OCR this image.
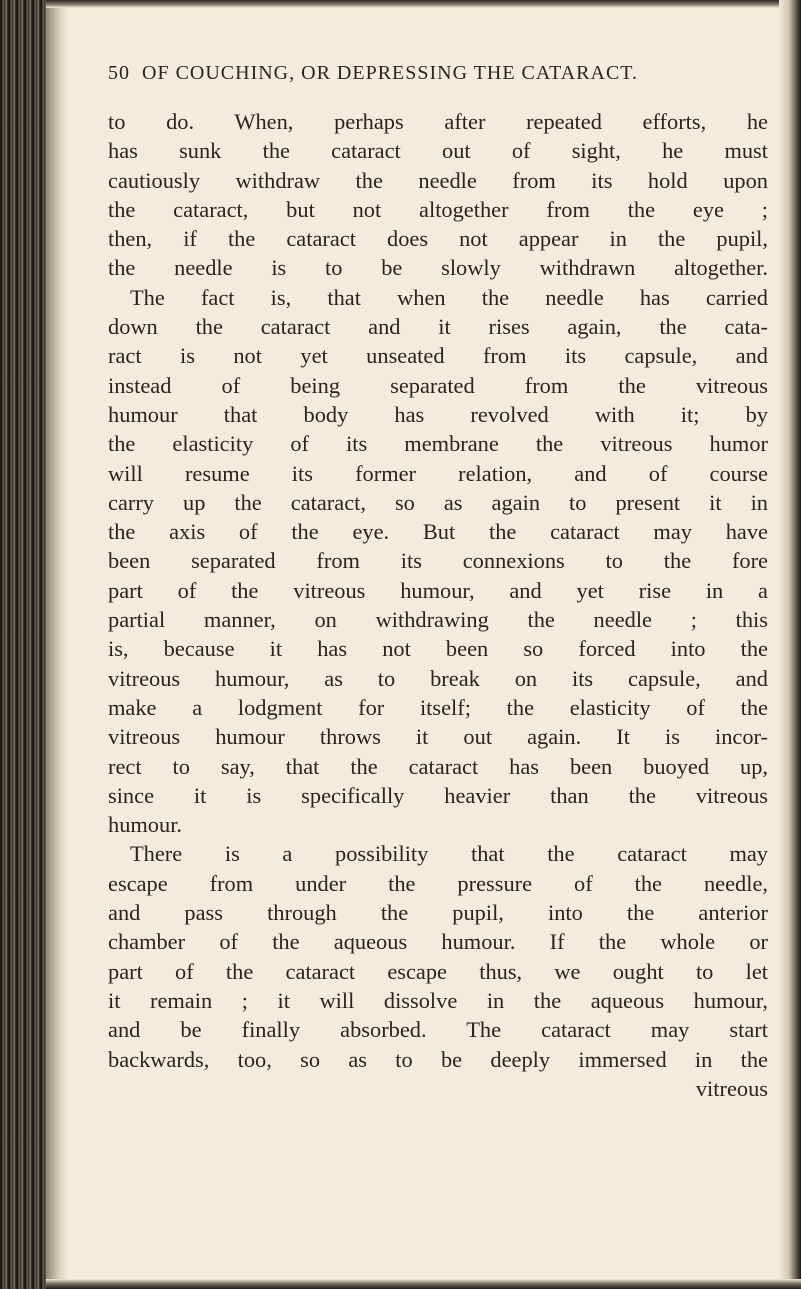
50 OF COUCHING, OR DEPRESSING THE CATARACT.
to do. When, perhaps after repeated efforts, he
has sunk the cataract out of sight, he must
cautiously withdraw the needle from its hold upon
the cataract, but not altogether from the eye ;
then, if the cataract does not appear in the pupil,
the needle is to be slowly withdrawn altogether.
The fact is, that when the needle has carried
down the cataract and it rises again, the cata-
ract is not yet unseated from its capsule, and
instead of being separated from the vitreous
humour that body has revolved with it; by
the elasticity of its membrane the vitreous humor
will resume its former relation, and of course
carry up the cataract, so as again to present it in
the axis of the eye. But the cataract may have
been separated from its connexions to the fore
part of the vitreous humour, and yet rise in a
partial manner, on withdrawing the needle ; this
is, because it has not been so forced into the
vitreous humour, as to break on its capsule, and
make a lodgment for itself; the elasticity of the
vitreous humour throws it out again. It is incor-
rect to say, that the cataract has been buoyed up,
since it is specifically heavier than the vitreous
humour.
There is a possibility that the cataract may
escape from under the pressure of the needle,
and pass through the pupil, into the anterior
chamber of the aqueous humour. If the whole or
part of the cataract escape thus, we ought to let
it remain ; it will dissolve in the aqueous humour,
and be finally absorbed. The cataract may start
backwards, too, so as to be deeply immersed in the
vitreous
